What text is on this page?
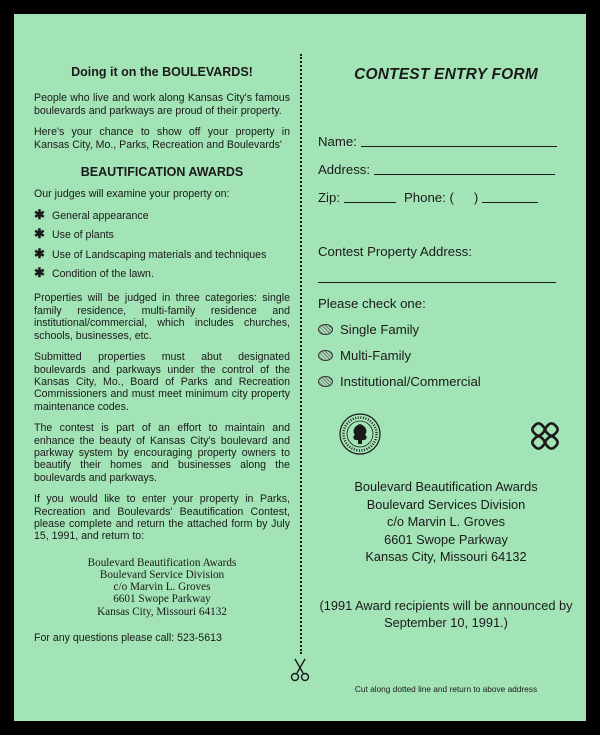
Doing it on the BOULEVARDS!

People who live and work along Kansas City's famous boulevards and parkways are proud of their property.

Here's your chance to show off your property in Kansas City, Mo., Parks, Recreation and Boulevards'

BEAUTIFICATION AWARDS

Our judges will examine your property on:

✱ General appearance
✱ Use of plants
✱ Use of Landscaping materials and techniques
✱ Condition of the lawn.

Properties will be judged in three categories: single family residence, multi-family residence and institutional/commercial, which includes churches, schools, businesses, etc.

Submitted properties must abut designated boulevards and parkways under the control of the Kansas City, Mo., Board of Parks and Recreation Commissioners and must meet minimum city property maintenance codes.

The contest is part of an effort to maintain and enhance the beauty of Kansas City's boulevard and parkway system by encouraging property owners to beautify their homes and businesses along the boulevards and parkways.

If you would like to enter your property in Parks, Recreation and Boulevards' Beautification Contest, please complete and return the attached form by July 15, 1991, and return to:

Boulevard Beautification Awards
Boulevard Service Division
c/o Marvin L. Groves
6601 Swope Parkway
Kansas City, Missouri 64132
For any questions please call: 523-5613
CONTEST ENTRY FORM
Name:
Address:
Zip:	Phone: ( )
Contest Property Address:
Please check one:
Single Family
Multi-Family
Institutional/Commercial
Boulevard Beautification Awards
Boulevard Services Division
c/o Marvin L. Groves
6601 Swope Parkway
Kansas City, Missouri 64132
(1991 Award recipients will be announced by September 10, 1991.)
Cut along dotted line and return to above address
